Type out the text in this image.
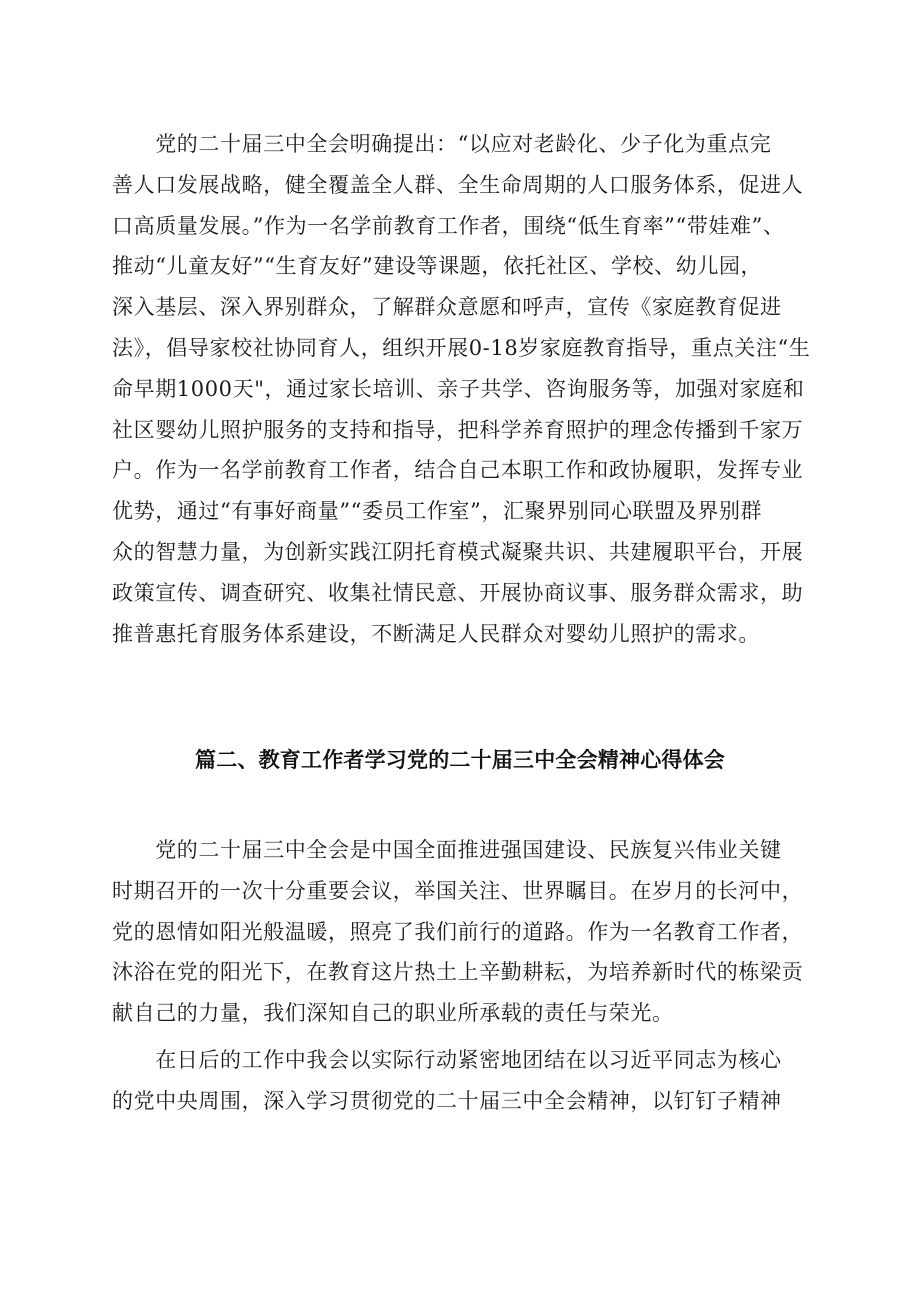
　　党的二十届三中全会明确提出：“以应对老龄化、少子化为重点完
善人口发展战略，健全覆盖全人群、全生命周期的人口服务体系，促进人
口高质量发展。”作为一名学前教育工作者，围绕“低生育率”“带娃难”、
推动“儿童友好”“生育友好”建设等课题，依托社区、学校、幼儿园，
深入基层、深入界别群众，了解群众意愿和呼声，宣传《家庭教育促进
法》，倡导家校社协同育人，组织开展0-18岁家庭教育指导，重点关注“生
命早期1000天"，通过家长培训、亲子共学、咨询服务等，加强对家庭和
社区婴幼儿照护服务的支持和指导，把科学养育照护的理念传播到千家万
户。作为一名学前教育工作者，结合自己本职工作和政协履职，发挥专业
优势，通过“有事好商量”“委员工作室”，汇聚界别同心联盟及界别群
众的智慧力量，为创新实践江阴托育模式凝聚共识、共建履职平台，开展
政策宣传、调查研究、收集社情民意、开展协商议事、服务群众需求，助
推普惠托育服务体系建设，不断满足人民群众对婴幼儿照护的需求。
篇二、教育工作者学习党的二十届三中全会精神心得体会
　　党的二十届三中全会是中国全面推进强国建设、民族复兴伟业关键
时期召开的一次十分重要会议，举国关注、世界瞩目。在岁月的长河中，
党的恩情如阳光般温暖，照亮了我们前行的道路。作为一名教育工作者，
沐浴在党的阳光下，在教育这片热土上辛勤耕耘，为培养新时代的栋梁贡
献自己的力量，我们深知自己的职业所承载的责任与荣光。
　　在日后的工作中我会以实际行动紧密地团结在以习近平同志为核心
的党中央周围，深入学习贯彻党的二十届三中全会精神，以钉钉子精神
